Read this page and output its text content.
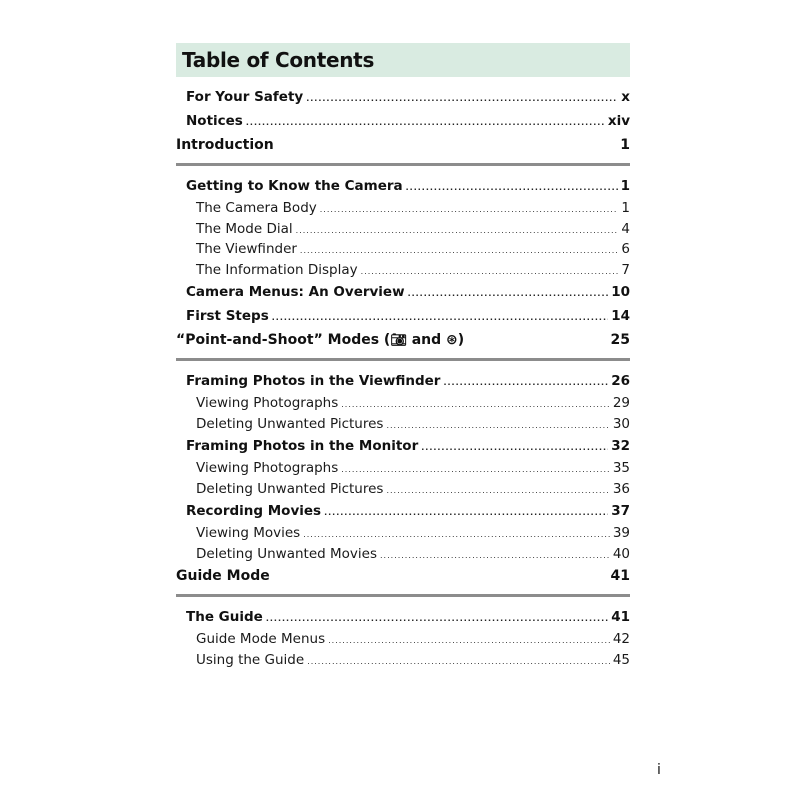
Table of Contents
For Your Safety .....	x
Notices .....	xiv
Introduction	1
Getting to Know the Camera .....	1
The Camera Body .....	1
The Mode Dial .....	4
The Viewfinder .....	6
The Information Display .....	7
Camera Menus: An Overview .....	10
First Steps .....	14
“Point-and-Shoot” Modes (📷︎ and ⊛)	25
Framing Photos in the Viewfinder .....	26
Viewing Photographs .....	29
Deleting Unwanted Pictures .....	30
Framing Photos in the Monitor .....	32
Viewing Photographs .....	35
Deleting Unwanted Pictures .....	36
Recording Movies .....	37
Viewing Movies .....	39
Deleting Unwanted Movies .....	40
Guide Mode	41
The Guide .....	41
Guide Mode Menus .....	42
Using the Guide .....	45
i
